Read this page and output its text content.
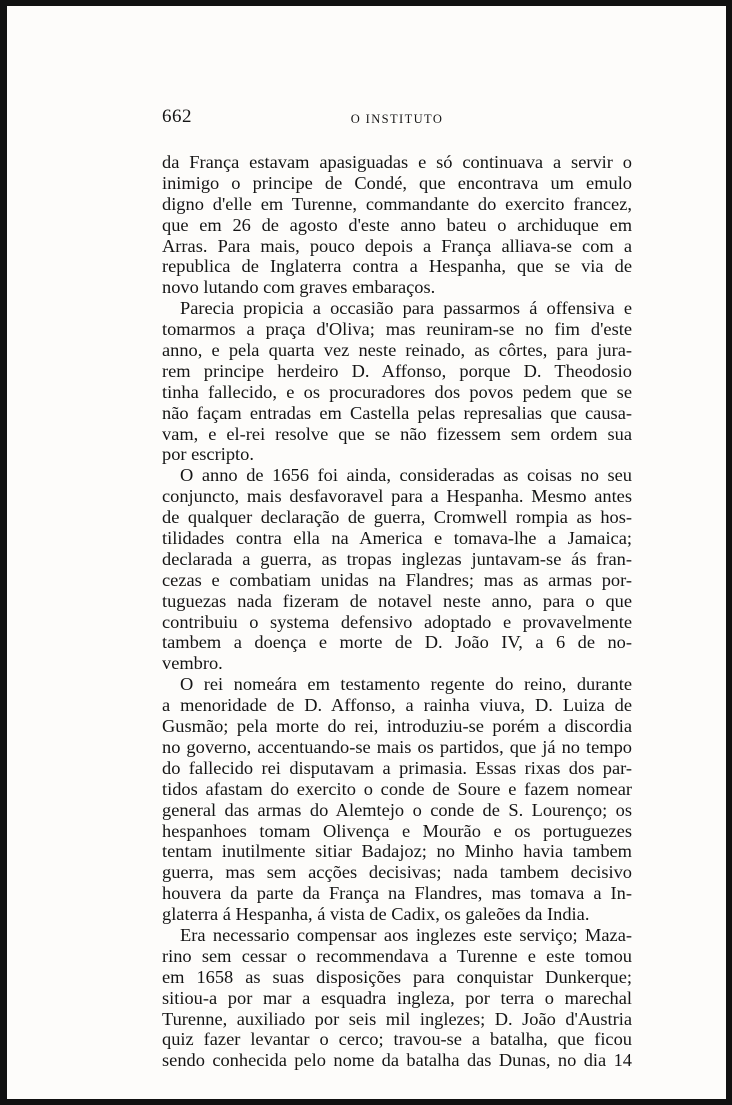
662	O INSTITUTO
da França estavam apasiguadas e só continuava a servir o
inimigo o principe de Condé, que encontrava um emulo
digno d'elle em Turenne, commandante do exercito francez,
que em 26 de agosto d'este anno bateu o archiduque em
Arras. Para mais, pouco depois a França alliava-se com a
republica de Inglaterra contra a Hespanha, que se via de
novo lutando com graves embaraços.
Parecia propicia a occasião para passarmos á offensiva e
tomarmos a praça d'Oliva; mas reuniram-se no fim d'este
anno, e pela quarta vez neste reinado, as côrtes, para jura-
rem principe herdeiro D. Affonso, porque D. Theodosio
tinha fallecido, e os procuradores dos povos pedem que se
não façam entradas em Castella pelas represalias que causa-
vam, e el-rei resolve que se não fizessem sem ordem sua
por escripto.
O anno de 1656 foi ainda, consideradas as coisas no seu
conjuncto, mais desfavoravel para a Hespanha. Mesmo antes
de qualquer declaração de guerra, Cromwell rompia as hos-
tilidades contra ella na America e tomava-lhe a Jamaica;
declarada a guerra, as tropas inglezas juntavam-se ás fran-
cezas e combatiam unidas na Flandres; mas as armas por-
tuguezas nada fizeram de notavel neste anno, para o que
contribuiu o systema defensivo adoptado e provavelmente
tambem a doença e morte de D. João IV, a 6 de no-
vembro.
O rei nomeára em testamento regente do reino, durante
a menoridade de D. Affonso, a rainha viuva, D. Luiza de
Gusmão; pela morte do rei, introduziu-se porém a discordia
no governo, accentuando-se mais os partidos, que já no tempo
do fallecido rei disputavam a primasia. Essas rixas dos par-
tidos afastam do exercito o conde de Soure e fazem nomear
general das armas do Alemtejo o conde de S. Lourenço; os
hespanhoes tomam Olivença e Mourão e os portuguezes
tentam inutilmente sitiar Badajoz; no Minho havia tambem
guerra, mas sem acções decisivas; nada tambem decisivo
houvera da parte da França na Flandres, mas tomava a In-
glaterra á Hespanha, á vista de Cadix, os galeões da India.
Era necessario compensar aos inglezes este serviço; Maza-
rino sem cessar o recommendava a Turenne e este tomou
em 1658 as suas disposições para conquistar Dunkerque;
sitiou-a por mar a esquadra ingleza, por terra o marechal
Turenne, auxiliado por seis mil inglezes; D. João d'Austria
quiz fazer levantar o cerco; travou-se a batalha, que ficou
sendo conhecida pelo nome da batalha das Dunas, no dia 14
